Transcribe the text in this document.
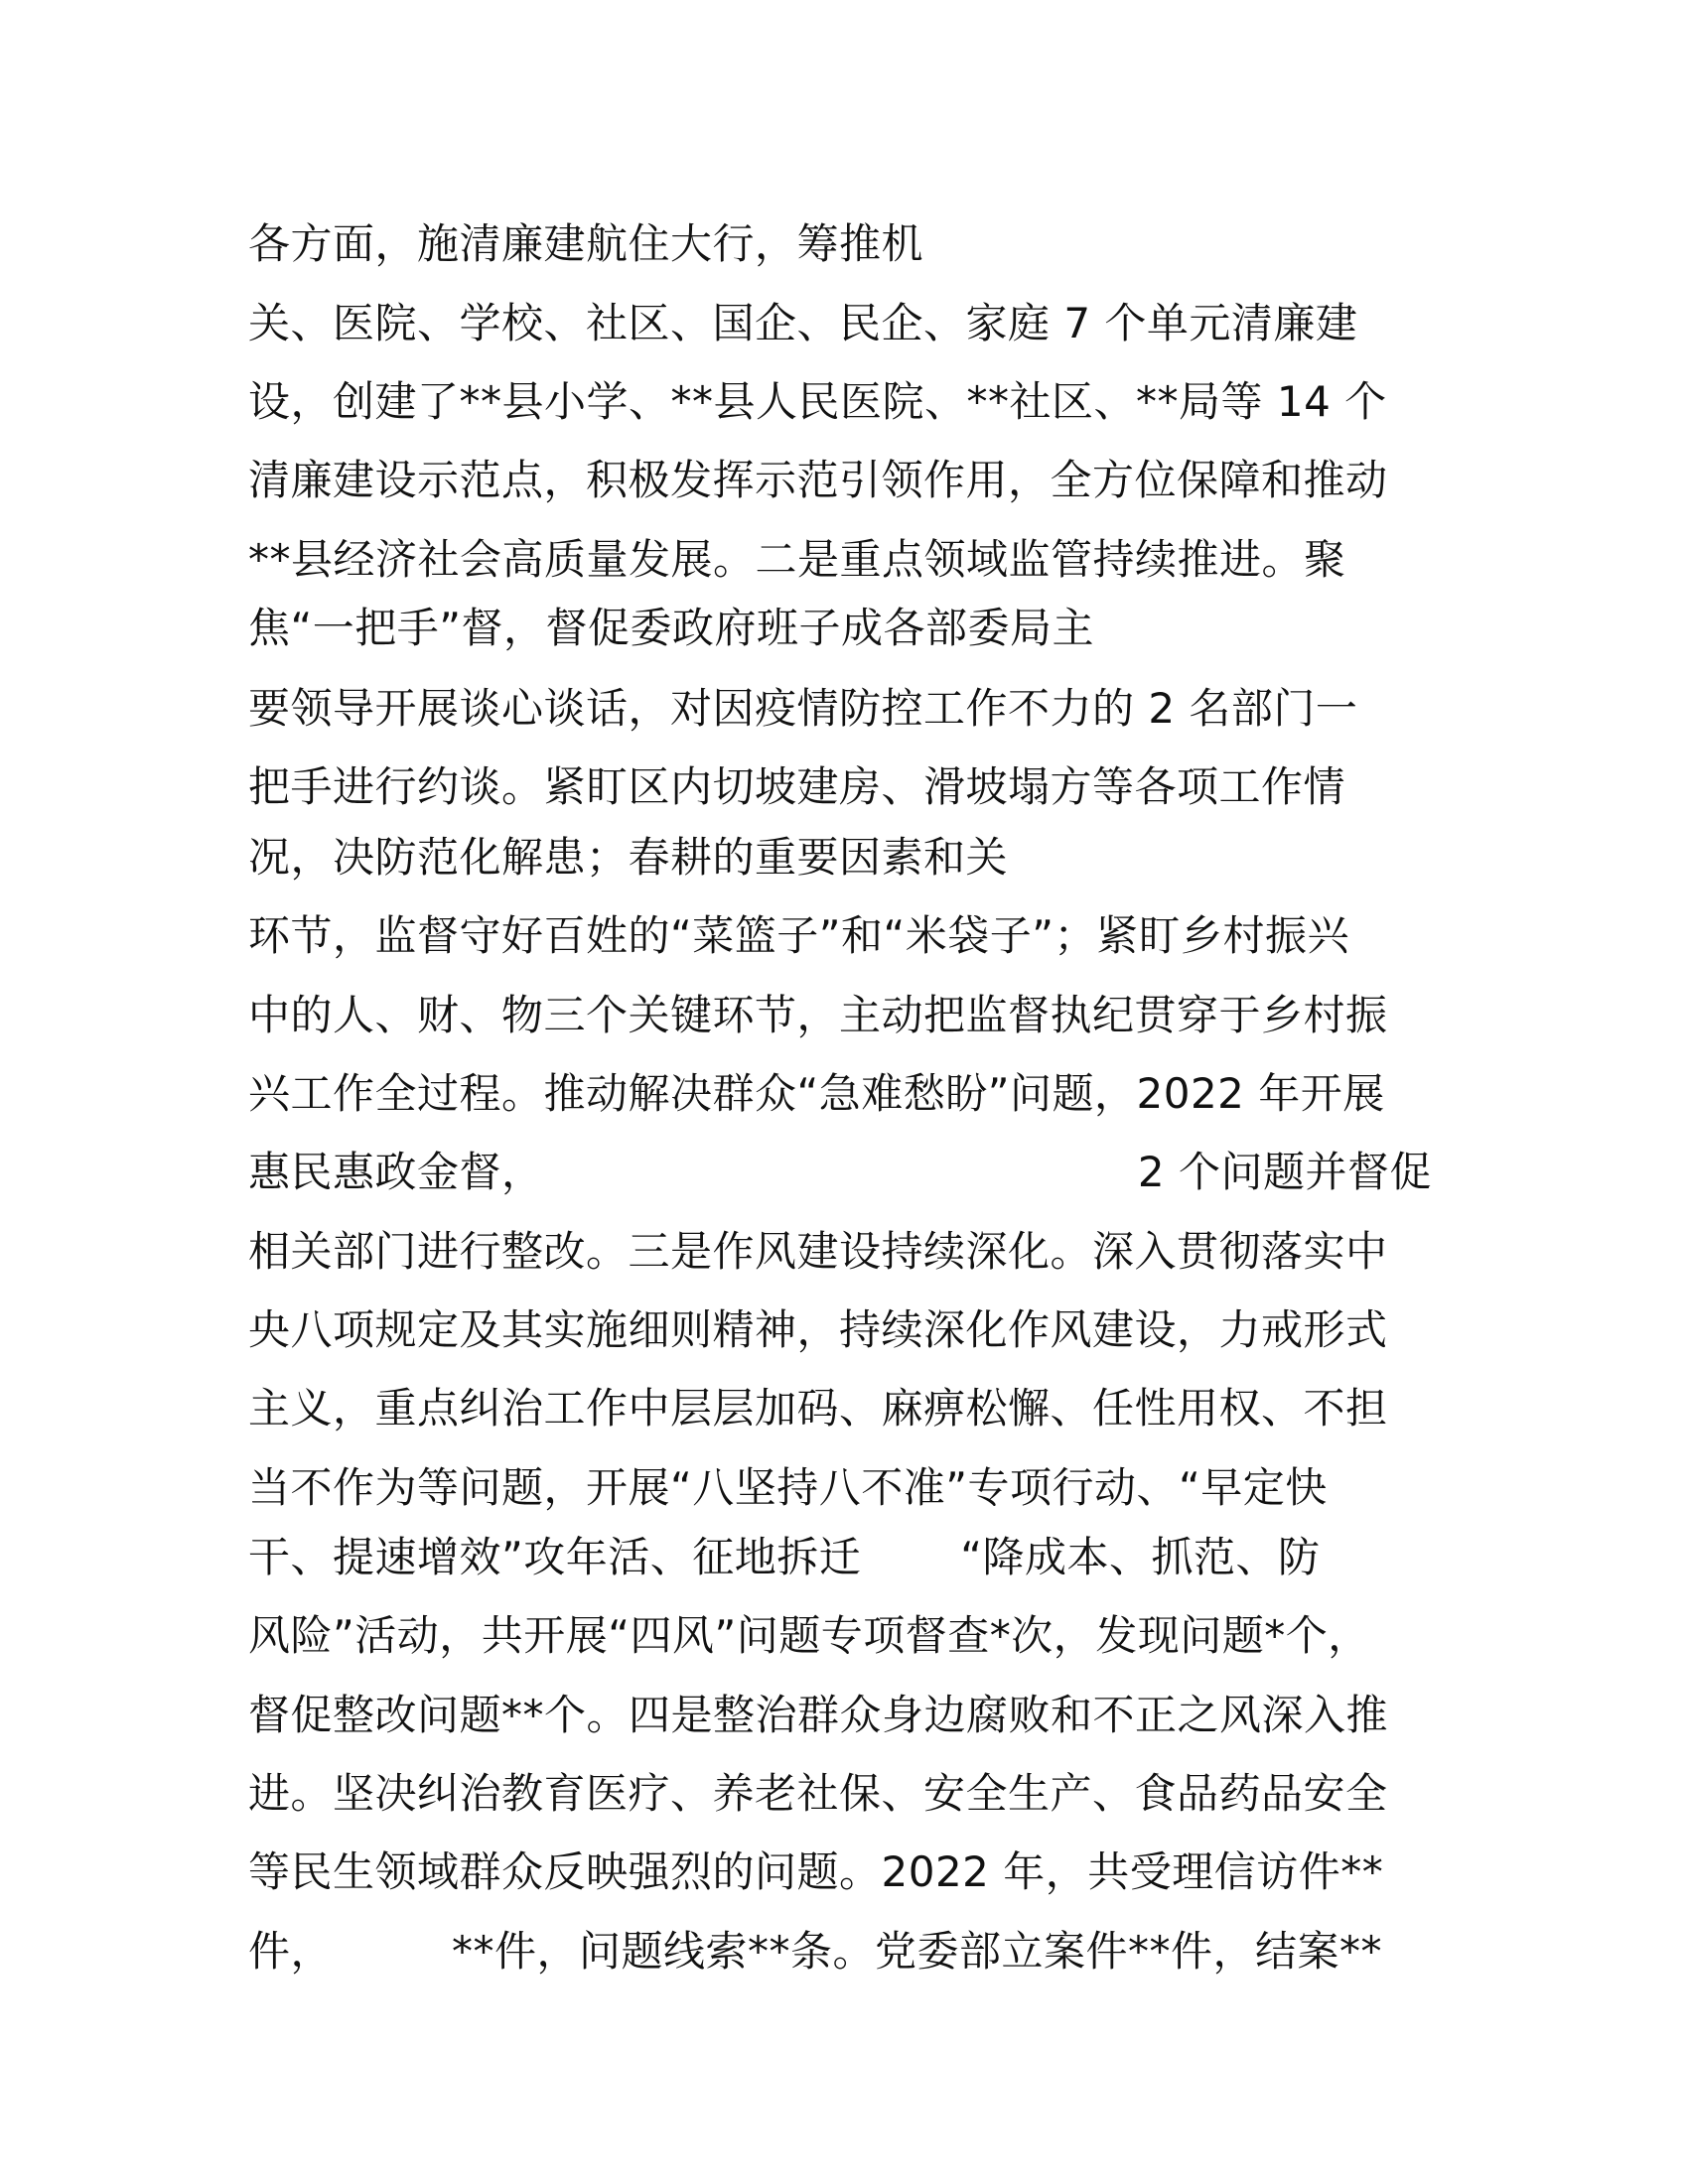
各方面，施清廉建航住大行，筹推机
关、医院、学校、社区、国企、民企、家庭 7 个单元清廉建
设，创建了**县小学、**县人民医院、**社区、**局等 14 个
清廉建设示范点，积极发挥示范引领作用，全方位保障和推动
**县经济社会高质量发展。二是重点领域监管持续推进。聚
焦“一把手”督，督促委政府班子成各部委局主
要领导开展谈心谈话，对因疫情防控工作不力的 2 名部门一
把手进行约谈。紧盯区内切坡建房、滑坡塌方等各项工作情
况，决防范化解患；春耕的重要因素和关
环节，监督守好百姓的“菜篮子”和“米袋子”；紧盯乡村振兴
中的人、财、物三个关键环节，主动把监督执纪贯穿于乡村振
兴工作全过程。推动解决群众“急难愁盼”问题，2022 年开展
惠民惠政金督，	2 个问题并督促
相关部门进行整改。三是作风建设持续深化。深入贯彻落实中
央八项规定及其实施细则精神，持续深化作风建设，力戒形式
主义，重点纠治工作中层层加码、麻痹松懈、任性用权、不担
当不作为等问题，开展“八坚持八不准”专项行动、“早定快
干、提速增效”攻年活、征地拆迁 “降成本、抓范、防
风险”活动，共开展“四风”问题专项督查*次，发现问题*个，
督促整改问题**个。四是整治群众身边腐败和不正之风深入推
进。坚决纠治教育医疗、养老社保、安全生产、食品药品安全
等民生领域群众反映强烈的问题。2022 年，共受理信访件**
件，	**件，问题线索**条。党委部立案件**件，结案**
